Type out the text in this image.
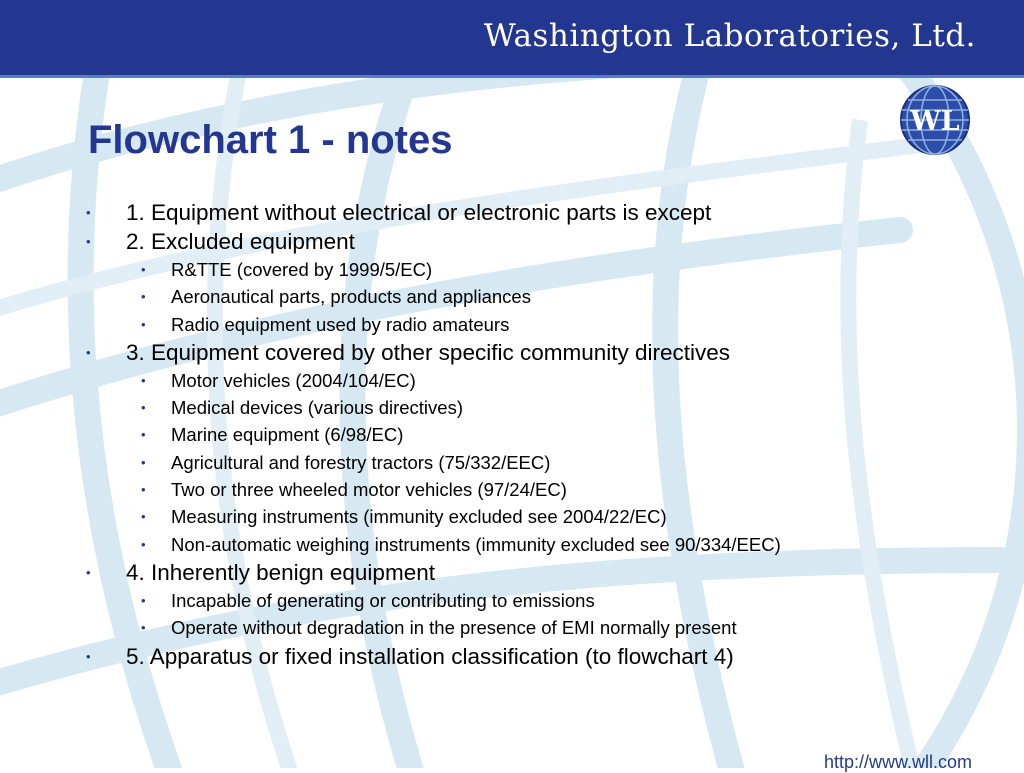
Washington Laboratories, Ltd.
WL
Flowchart 1 - notes
• 1. Equipment without electrical or electronic parts is except
• 2. Excluded equipment
• R&TTE (covered by 1999/5/EC)
• Aeronautical parts, products and appliances
• Radio equipment used by radio amateurs
• 3. Equipment covered by other specific community directives
• Motor vehicles (2004/104/EC)
• Medical devices (various directives)
• Marine equipment (6/98/EC)
• Agricultural and forestry tractors (75/332/EEC)
• Two or three wheeled motor vehicles (97/24/EC)
• Measuring instruments (immunity excluded see 2004/22/EC)
• Non-automatic weighing instruments (immunity excluded see 90/334/EEC)
• 4. Inherently benign equipment
• Incapable of generating or contributing to emissions
• Operate without degradation in the presence of EMI normally present
• 5. Apparatus or fixed installation classification (to flowchart 4)
http://www.wll.com
